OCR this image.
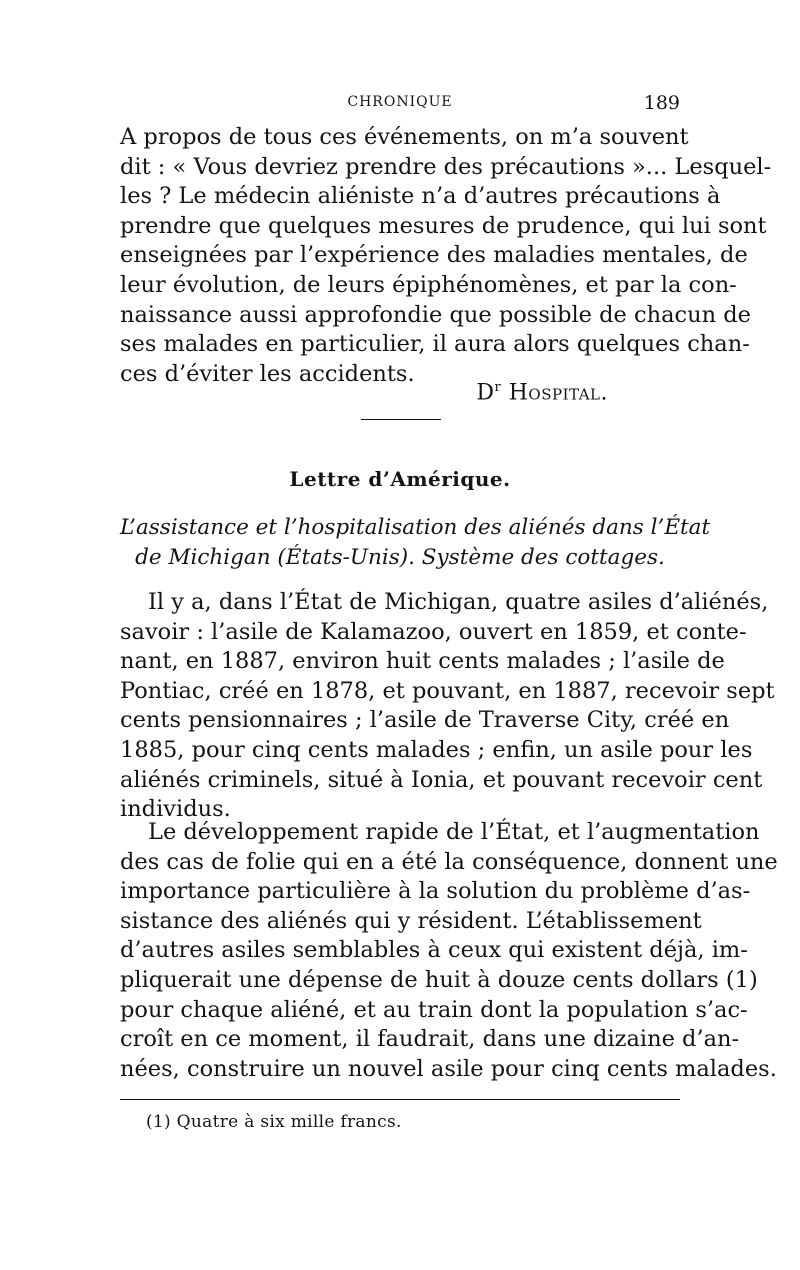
CHRONIQUE	189
A propos de tous ces événements, on m’a souvent
dit : « Vous devriez prendre des précautions »... Lesquel-
les ? Le médecin aliéniste n’a d’autres précautions à
prendre que quelques mesures de prudence, qui lui sont
enseignées par l’expérience des maladies mentales, de
leur évolution, de leurs épiphénomènes, et par la con-
naissance aussi approfondie que possible de chacun de
ses malades en particulier, il aura alors quelques chan-
ces d’éviter les accidents.
$D^r$ Hospital.
Lettre d’Amérique.
L’assistance et l’hospitalisation des aliénés dans l’État
de Michigan (États-Unis). Système des cottages.
Il y a, dans l’État de Michigan, quatre asiles d’aliénés,
savoir : l’asile de Kalamazoo, ouvert en 1859, et conte-
nant, en 1887, environ huit cents malades ; l’asile de
Pontiac, créé en 1878, et pouvant, en 1887, recevoir sept
cents pensionnaires ; l’asile de Traverse City, créé en
1885, pour cinq cents malades ; enfin, un asile pour les
aliénés criminels, situé à Ionia, et pouvant recevoir cent
individus.
Le développement rapide de l’État, et l’augmentation
des cas de folie qui en a été la conséquence, donnent une
importance particulière à la solution du problème d’as-
sistance des aliénés qui y résident. L’établissement
d’autres asiles semblables à ceux qui existent déjà, im-
pliquerait une dépense de huit à douze cents dollars (1)
pour chaque aliéné, et au train dont la population s’ac-
croît en ce moment, il faudrait, dans une dizaine d’an-
nées, construire un nouvel asile pour cinq cents malades.
(1) Quatre à six mille francs.
